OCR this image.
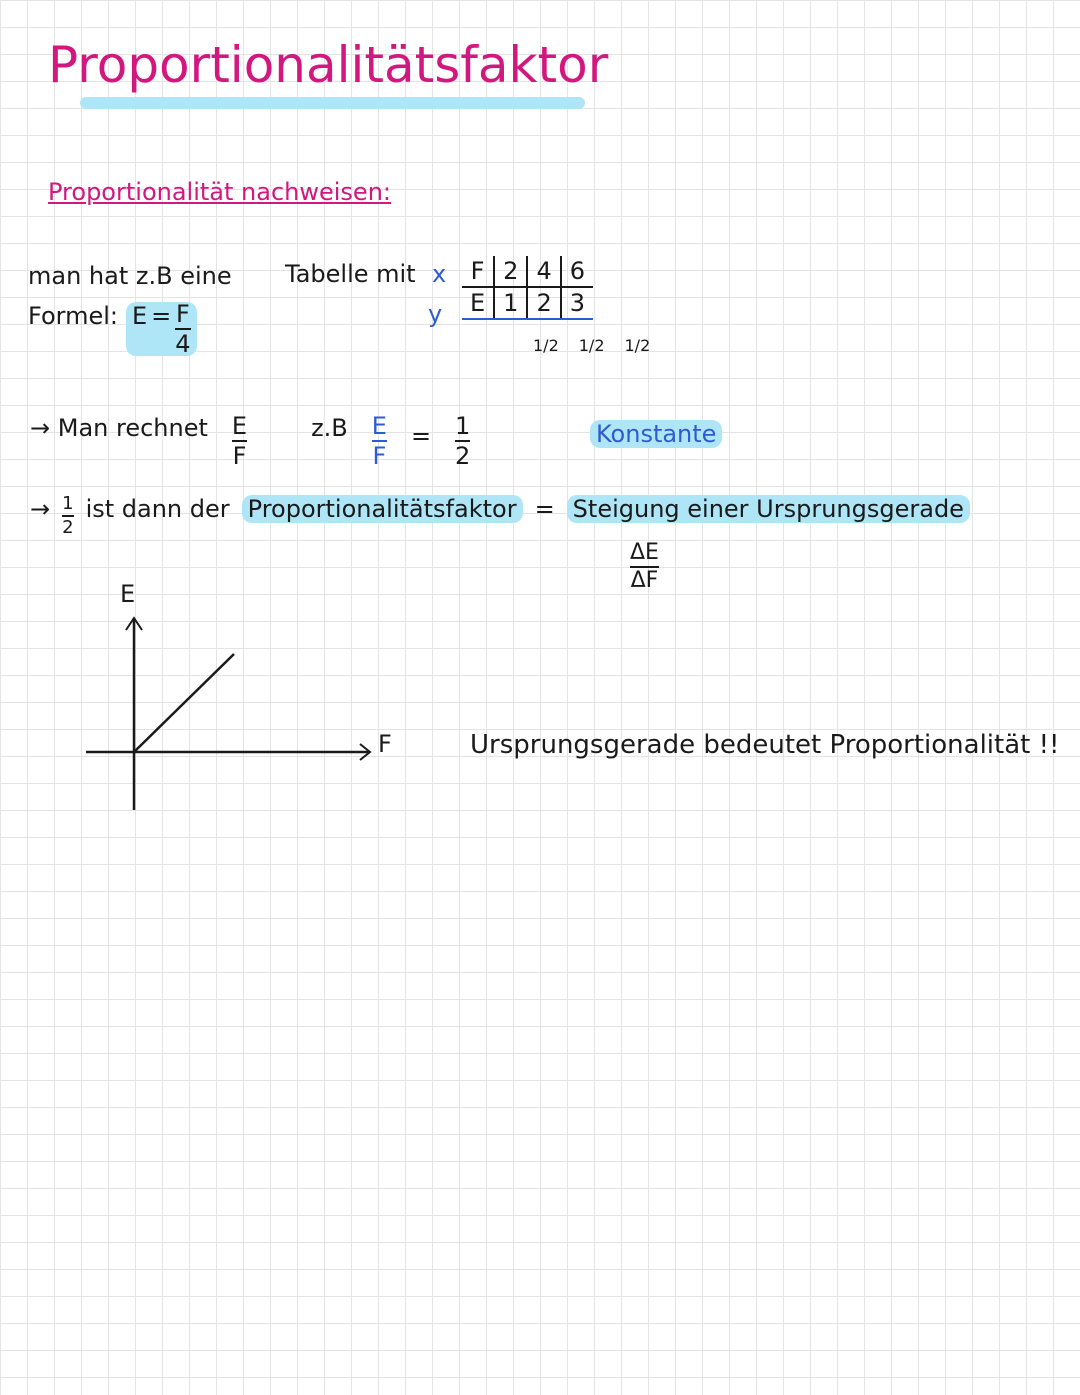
Proportionalitätsfaktor
Proportionalität nachweisen:
man hat z.B eine
Formel: $E = \frac{F}{4}$
Tabelle mit x
y
F	2	4	6
E	1	2	3
1/2 1/2 1/2
→ Man rechnet $\frac{E}{F}$	$z.B \frac{E}{F} = \frac{1}{2}$	Konstante
→ $\frac{1}{2}$ ist dann der Proportionalitätsfaktor = Steigung einer Ursprungsgerade
$\frac{\Delta E}{\Delta F}$
E
F	Ursprungsgerade bedeutet Proportionalität !!
